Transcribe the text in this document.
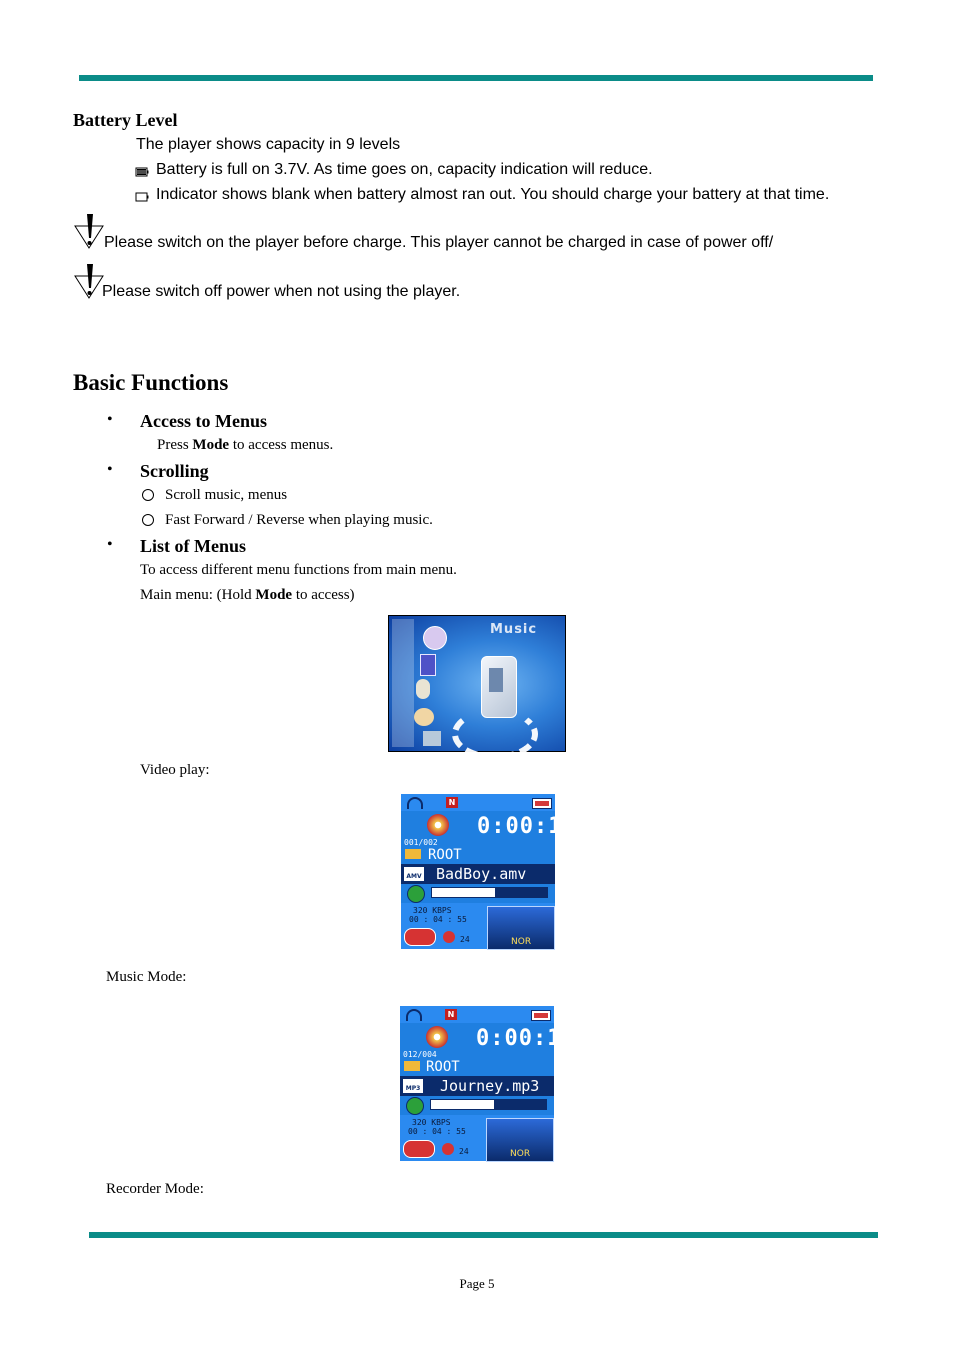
Battery Level
The player shows capacity in 9 levels
Battery is full on 3.7V. As time goes on, capacity indication will reduce.
Indicator shows blank when battery almost ran out. You should charge your battery at that time.
Please switch on the player before charge. This player cannot be charged in case of power off/
Please switch off power when not using the player.
Basic Functions
• Access to Menus
Press Mode to access menus.
• Scrolling
Scroll music, menus
Fast Forward / Reverse when playing music.
• List of Menus
To access different menu functions from main menu.
Main menu: (Hold Mode to access)
Music
Video play:
N
0:00:19
001/002
ROOT
AMV BadBoy.amv
320 KBPS
00 : 04 : 55
24	NOR
Music Mode:
N
0:00:19
012/004
ROOT
MP3 Journey.mp3
320 KBPS
00 : 04 : 55
24	NOR
Recorder Mode:
Page 5
